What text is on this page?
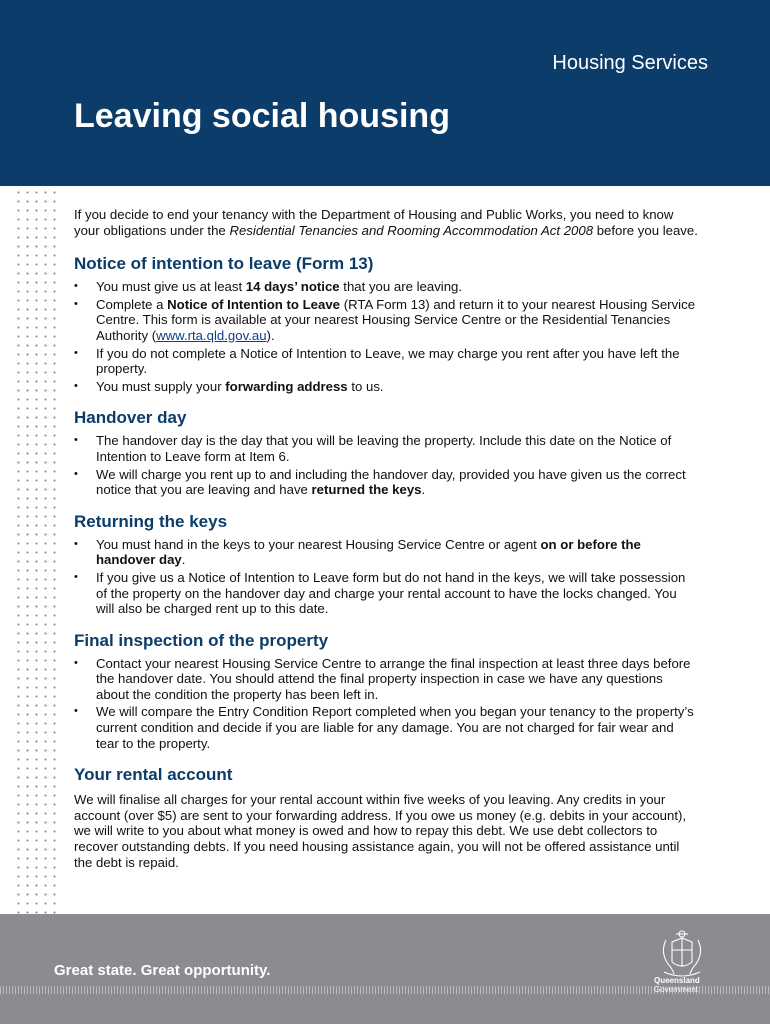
Housing Services
Leaving social housing

If you decide to end your tenancy with the Department of Housing and Public Works, you need to know your obligations under the Residential Tenancies and Rooming Accommodation Act 2008 before you leave.

Notice of intention to leave (Form 13)
• You must give us at least 14 days’ notice that you are leaving.
• Complete a Notice of Intention to Leave (RTA Form 13) and return it to your nearest Housing Service Centre. This form is available at your nearest Housing Service Centre or the Residential Tenancies Authority (www.rta.qld.gov.au).
• If you do not complete a Notice of Intention to Leave, we may charge you rent after you have left the property.
• You must supply your forwarding address to us.
Handover day
• The handover day is the day that you will be leaving the property. Include this date on the Notice of Intention to Leave form at Item 6.
• We will charge you rent up to and including the handover day, provided you have given us the correct notice that you are leaving and have returned the keys.
Returning the keys
• You must hand in the keys to your nearest Housing Service Centre or agent on or before the handover day.
• If you give us a Notice of Intention to Leave form but do not hand in the keys, we will take possession of the property on the handover day and charge your rental account to have the locks changed. You will also be charged rent up to this date.
Final inspection of the property
• Contact your nearest Housing Service Centre to arrange the final inspection at least three days before the handover date. You should attend the final property inspection in case we have any questions about the condition the property has been left in.
• We will compare the Entry Condition Report completed when you began your tenancy to the property’s current condition and decide if you are liable for any damage. You are not charged for fair wear and tear to the property.
Your rental account

We will finalise all charges for your rental account within five weeks of you leaving. Any credits in your account (over $5) are sent to your forwarding address. If you owe us money (e.g. debits in your account), we will write to you about what money is owed and how to repay this debt. We use debt collectors to recover outstanding debts. If you need housing assistance again, you will not be offered assistance until the debt is repaid.

Great state. Great opportunity.
Queensland
Government
